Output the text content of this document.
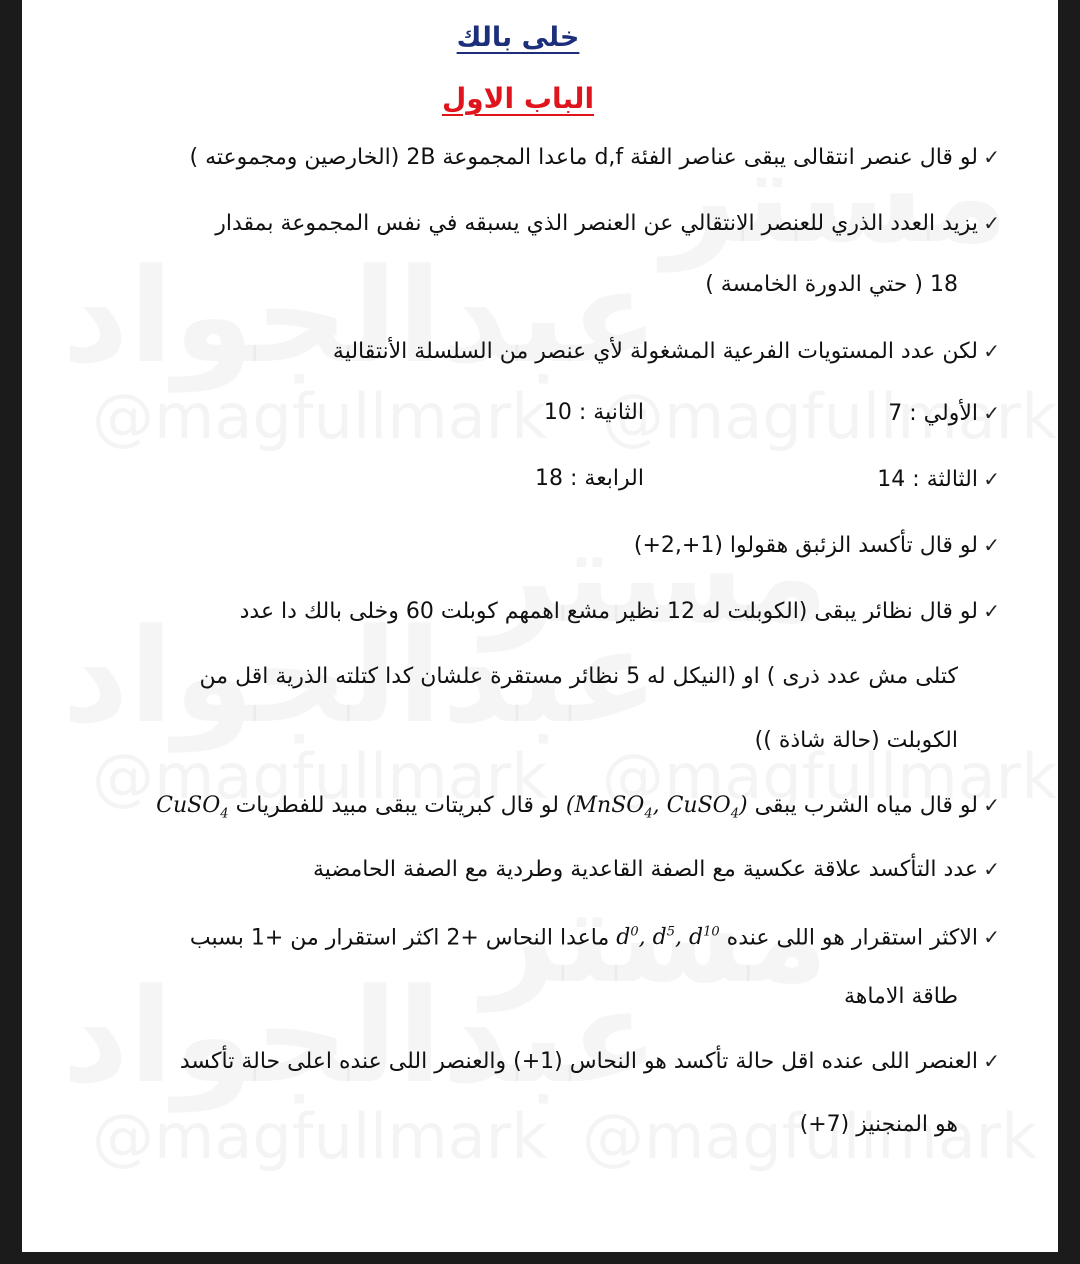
خلى بالك
الباب الاول
✓لو قال عنصر انتقالى يبقى عناصر الفئة d,f ماعدا المجموعة 2B (الخارصين ومجموعته )
✓يزيد العدد الذري للعنصر الانتقالي عن العنصر الذي يسبقه في نفس المجموعة بمقدار
18 ( حتي الدورة الخامسة )
✓لكن عدد المستويات الفرعية المشغولة لأي عنصر من السلسلة الأنتقالية
✓الأولي : 7
الثانية : 10
✓الثالثة : 14
الرابعة : 18
✓لو قال تأكسد الزئبق هقولوا (1+,2+)
✓لو قال نظائر يبقى (الكوبلت له 12 نظير مشع اهمهم كوبلت 60 وخلى بالك دا عدد
كتلى مش عدد ذرى ) او (النيكل له 5 نظائر مستقرة علشان كدا كتلته الذرية اقل من
الكوبلت (حالة شاذة ))
✓لو قال مياه الشرب يبقى (MnSO$_4$, CuSO$_4$) لو قال كبريتات يبقى مبيد للفطريات CuSO$_4$
✓عدد التأكسد علاقة عكسية مع الصفة القاعدية وطردية مع الصفة الحامضية
✓الاكثر استقرار هو اللى عنده $d^0$, $d^5$, $d^{10}$ ماعدا النحاس +2 اكثر استقرار من +1 بسبب
طاقة الاماهة
✓العنصر اللى عنده اقل حالة تأكسد هو النحاس (1+) والعنصر اللى عنده اعلى حالة تأكسد
هو المنجنيز (7+)
